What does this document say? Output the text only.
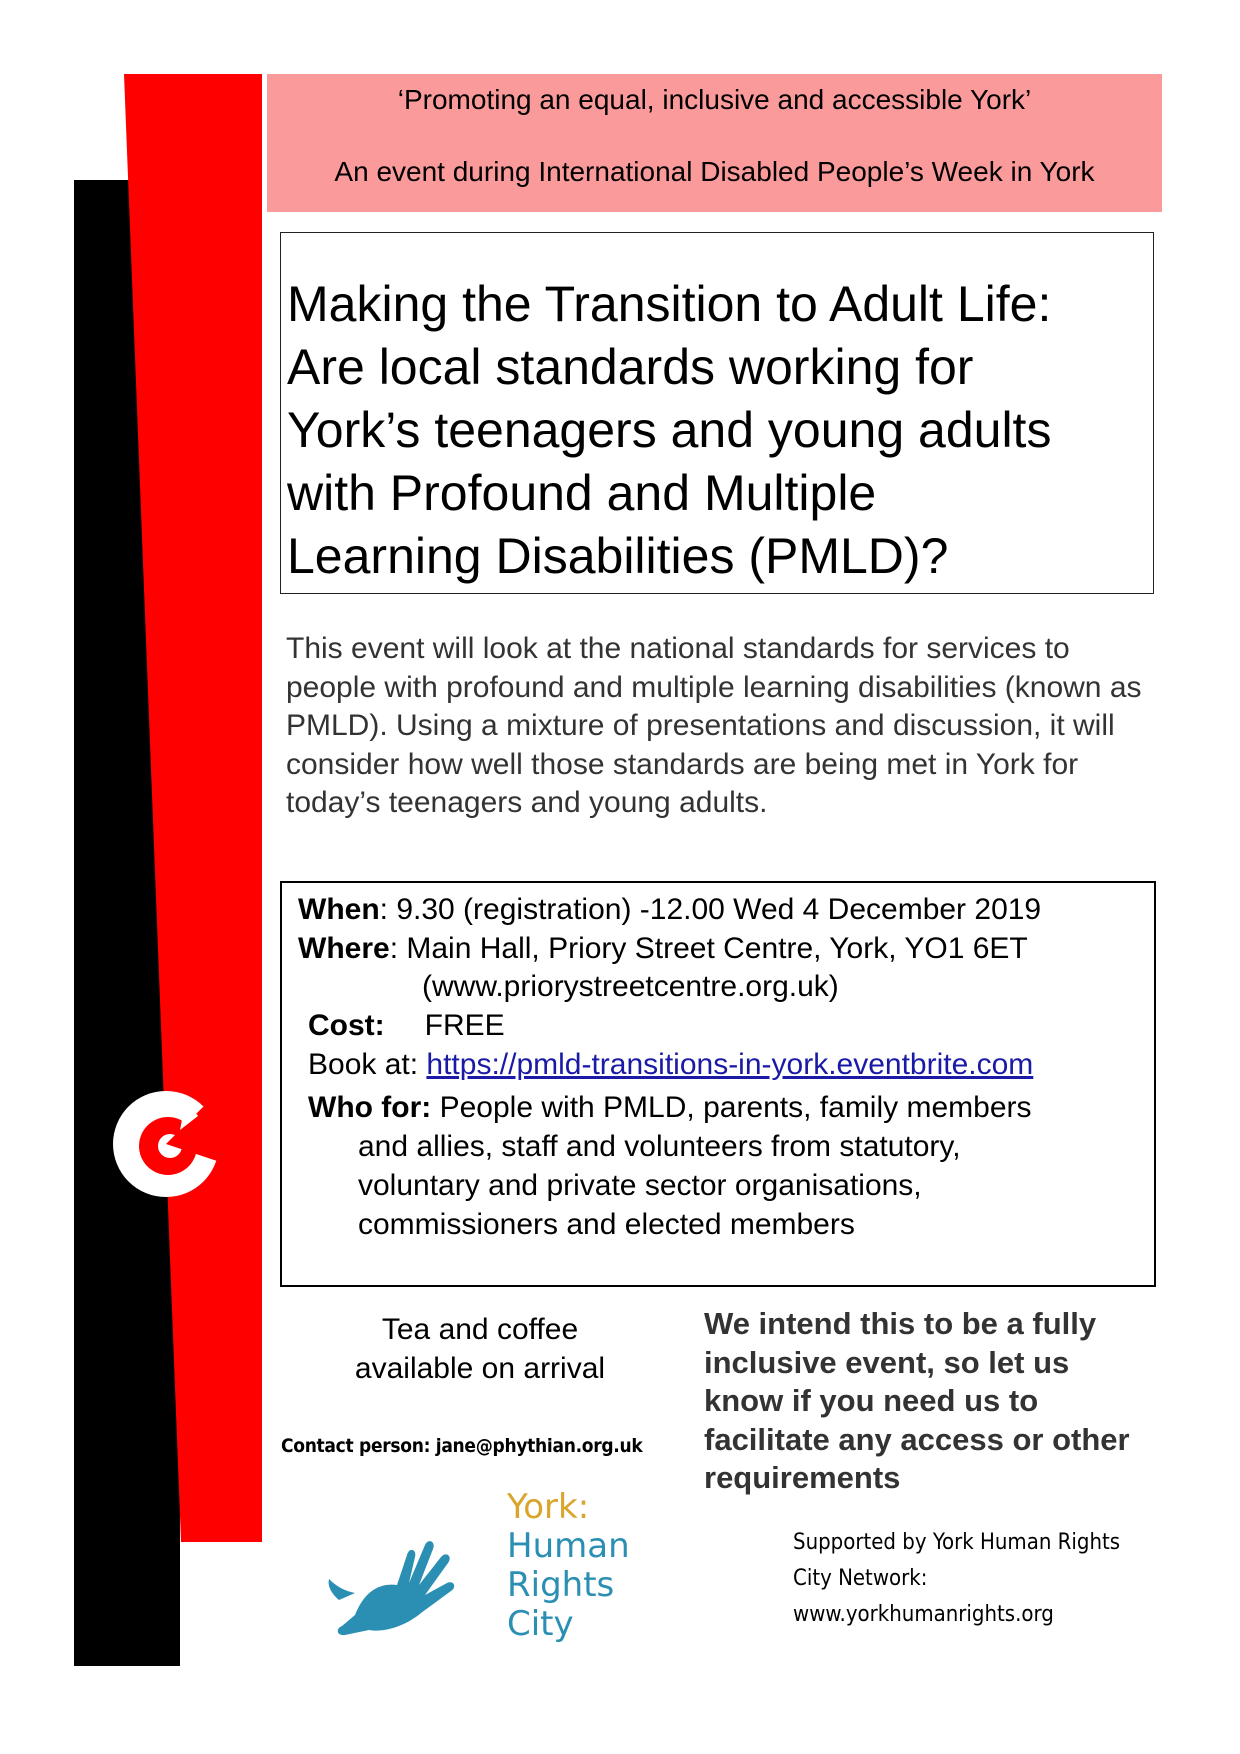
‘Promoting an equal, inclusive and accessible York’
An event during International Disabled People’s Week in York
Making the Transition to Adult Life:
Are local standards working for
York’s teenagers and young adults
with Profound and Multiple
Learning Disabilities (PMLD)?
This event will look at the national standards for services to people with profound and multiple learning disabilities (known as PMLD). Using a mixture of presentations and discussion, it will consider how well those standards are being met in York for today’s teenagers and young adults.
When: 9.30 (registration) -12.00 Wed 4 December 2019
Where: Main Hall, Priory Street Centre, York, YO1 6ET
(www.priorystreetcentre.org.uk)
Cost: FREE
Book at: https://pmld-transitions-in-york.eventbrite.com
Who for: People with PMLD, parents, family members
and allies, staff and volunteers from statutory,
voluntary and private sector organisations,
commissioners and elected members
Tea and coffee
available on arrival
We intend this to be a fully inclusive event, so let us know if you need us to facilitate any access or other requirements
Contact person: jane@phythian.org.uk
York:
Human
Rights
City
Supported by York Human Rights
City Network:
www.yorkhumanrights.org
